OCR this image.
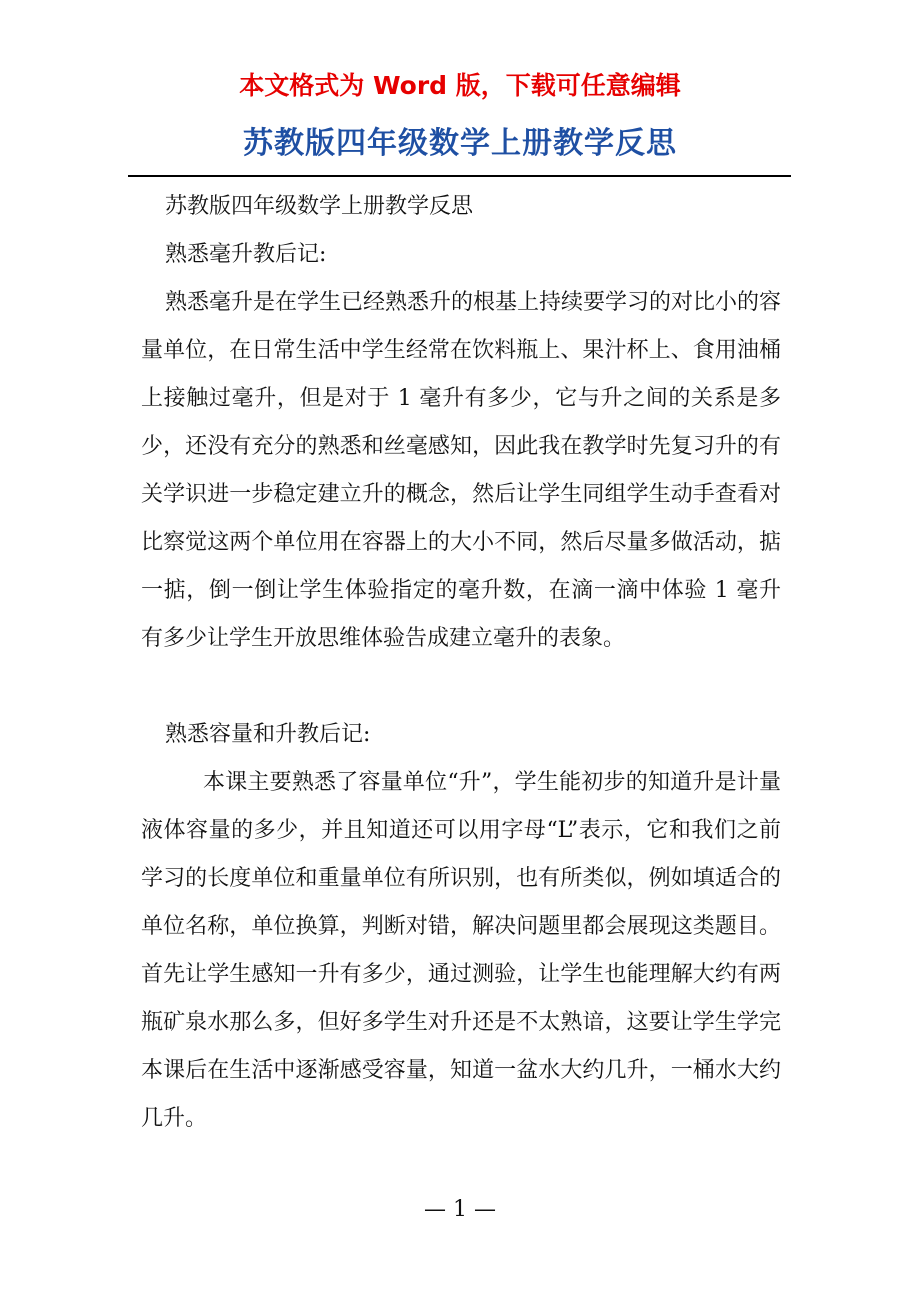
本文格式为 Word 版，下载可任意编辑
苏教版四年级数学上册教学反思

苏教版四年级数学上册教学反思

熟悉毫升教后记:

熟悉毫升是在学生已经熟悉升的根基上持续要学习的对比小的容量单位，在日常生活中学生经常在饮料瓶上、果汁杯上、食用油桶上接触过毫升，但是对于 1 毫升有多少，它与升之间的关系是多少，还没有充分的熟悉和丝毫感知，因此我在教学时先复习升的有关学识进一步稳定建立升的概念，然后让学生同组学生动手查看对比察觉这两个单位用在容器上的大小不同，然后尽量多做活动，掂一掂，倒一倒让学生体验指定的毫升数，在滴一滴中体验 1 毫升有多少让学生开放思维体验告成建立毫升的表象。

熟悉容量和升教后记:

本课主要熟悉了容量单位“升”，学生能初步的知道升是计量液体容量的多少，并且知道还可以用字母“L”表示，它和我们之前学习的长度单位和重量单位有所识别，也有所类似，例如填适合的单位名称，单位换算，判断对错，解决问题里都会展现这类题目。首先让学生感知一升有多少，通过测验，让学生也能理解大约有两瓶矿泉水那么多，但好多学生对升还是不太熟谙，这要让学生学完本课后在生活中逐渐感受容量，知道一盆水大约几升，一桶水大约几升。

— 1 —
